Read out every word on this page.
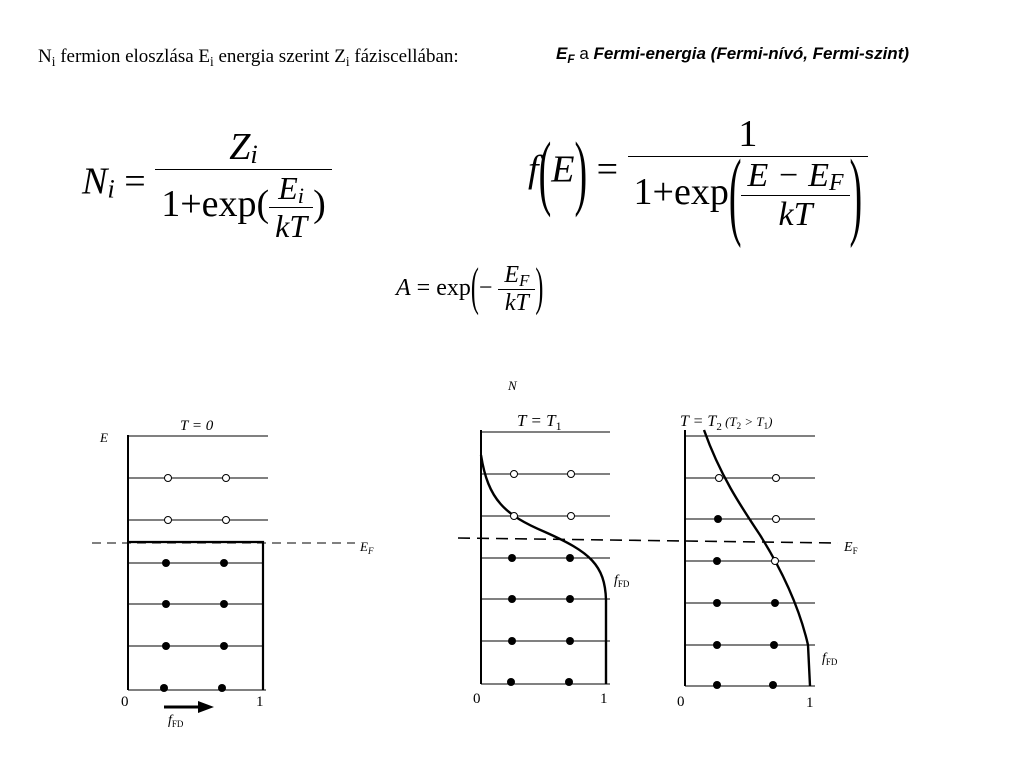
$N_i$ fermion eloszlása $E_i$ energia szerint $Z_i$ fáziscellában:	$E_F$ a Fermi-energia (Fermi-nívó, Fermi-szint)
$N_i = \frac{Z_i}{1+\exp( \frac{E_i}{kT} )}$	$f(E) = \frac{1}{1+\exp( \frac{E - E_F}{kT} )}$
$A = \exp(- \frac{E_F}{kT}$ )
T = 0
E
$E_F$
0	1
$f_{FD}$
N
$T = T_1$
0	1
$f_{FD}$
$T = T_2$ $^{(T}$2 > T1)
$E_F$
0	1
$f_{FD}$
